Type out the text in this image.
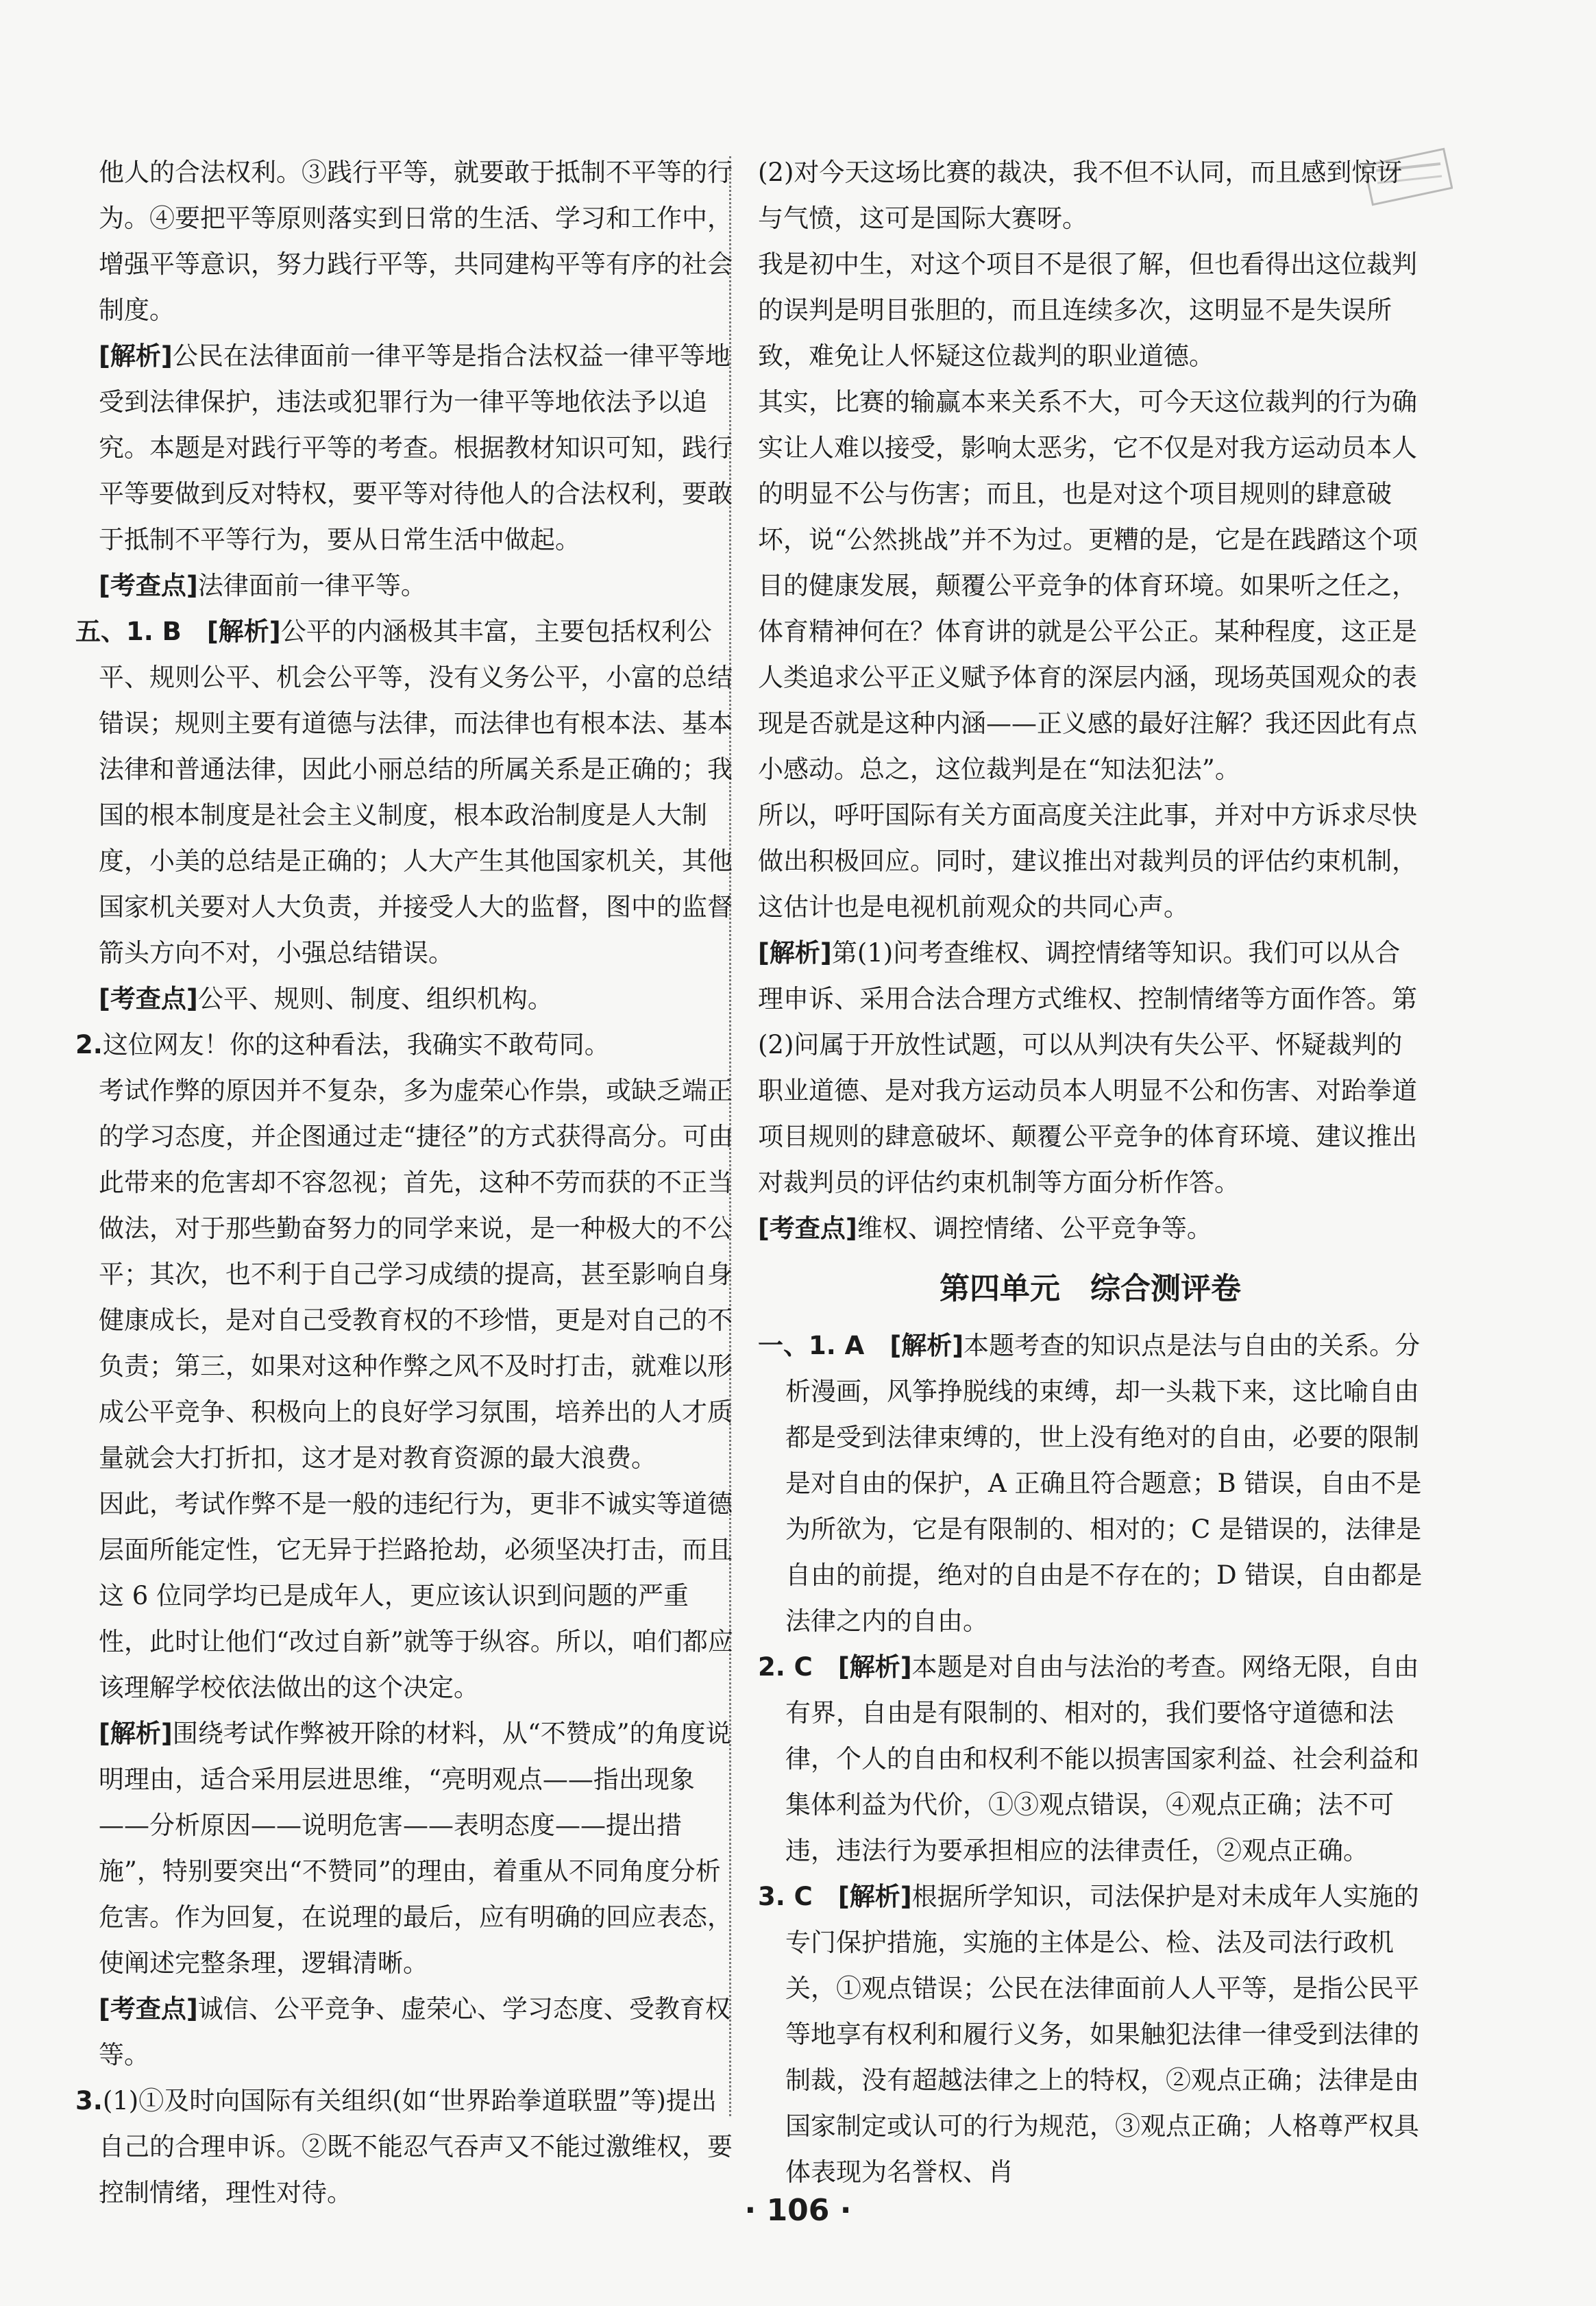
他人的合法权利。③践行平等，就要敢于抵制不平等的行为。④要把平等原则落实到日常的生活、学习和工作中，增强平等意识，努力践行平等，共同建构平等有序的社会制度。

[解析]公民在法律面前一律平等是指合法权益一律平等地受到法律保护，违法或犯罪行为一律平等地依法予以追究。本题是对践行平等的考查。根据教材知识可知，践行平等要做到反对特权，要平等对待他人的合法权利，要敢于抵制不平等行为，要从日常生活中做起。

[考查点]法律面前一律平等。

五、1. B　 [解析]公平的内涵极其丰富，主要包括权利公平、规则公平、机会公平等，没有义务公平，小富的总结错误；规则主要有道德与法律，而法律也有根本法、基本法律和普通法律，因此小丽总结的所属关系是正确的；我国的根本制度是社会主义制度，根本政治制度是人大制度，小美的总结是正确的；人大产生其他国家机关，其他国家机关要对人大负责，并接受人大的监督，图中的监督箭头方向不对，小强总结错误。

[考查点]公平、规则、制度、组织机构。

2.这位网友！你的这种看法，我确实不敢苟同。

考试作弊的原因并不复杂，多为虚荣心作祟，或缺乏端正的学习态度，并企图通过走“捷径”的方式获得高分。可由此带来的危害却不容忽视；首先，这种不劳而获的不正当做法，对于那些勤奋努力的同学来说，是一种极大的不公平；其次，也不利于自己学习成绩的提高，甚至影响自身健康成长，是对自己受教育权的不珍惜，更是对自己的不负责；第三，如果对这种作弊之风不及时打击，就难以形成公平竞争、积极向上的良好学习氛围，培养出的人才质量就会大打折扣，这才是对教育资源的最大浪费。

因此，考试作弊不是一般的违纪行为，更非不诚实等道德层面所能定性，它无异于拦路抢劫，必须坚决打击，而且这 6 位同学均已是成年人，更应该认识到问题的严重性，此时让他们“改过自新”就等于纵容。所以，咱们都应该理解学校依法做出的这个决定。

[解析]围绕考试作弊被开除的材料，从“不赞成”的角度说明理由，适合采用层进思维，“亮明观点——指出现象——分析原因——说明危害——表明态度——提出措施”，特别要突出“不赞同”的理由，着重从不同角度分析危害。作为回复，在说理的最后，应有明确的回应表态，使阐述完整条理，逻辑清晰。

[考查点]诚信、公平竞争、虚荣心、学习态度、受教育权等。

3.(1)①及时向国际有关组织(如“世界跆拳道联盟”等)提出自己的合理申诉。②既不能忍气吞声又不能过激维权，要控制情绪，理性对待。

(2)对今天这场比赛的裁决，我不但不认同，而且感到惊讶与气愤，这可是国际大赛呀。

我是初中生，对这个项目不是很了解，但也看得出这位裁判的误判是明目张胆的，而且连续多次，这明显不是失误所致，难免让人怀疑这位裁判的职业道德。

其实，比赛的输赢本来关系不大，可今天这位裁判的行为确实让人难以接受，影响太恶劣，它不仅是对我方运动员本人的明显不公与伤害；而且，也是对这个项目规则的肆意破坏，说“公然挑战”并不为过。更糟的是，它是在践踏这个项目的健康发展，颠覆公平竞争的体育环境。如果听之任之，体育精神何在？体育讲的就是公平公正。某种程度，这正是人类追求公平正义赋予体育的深层内涵，现场英国观众的表现是否就是这种内涵——正义感的最好注解？我还因此有点小感动。总之，这位裁判是在“知法犯法”。

所以，呼吁国际有关方面高度关注此事，并对中方诉求尽快做出积极回应。同时，建议推出对裁判员的评估约束机制，这估计也是电视机前观众的共同心声。

[解析]第(1)问考查维权、调控情绪等知识。我们可以从合理申诉、采用合法合理方式维权、控制情绪等方面作答。第(2)问属于开放性试题，可以从判决有失公平、怀疑裁判的职业道德、是对我方运动员本人明显不公和伤害、对跆拳道项目规则的肆意破坏、颠覆公平竞争的体育环境、建议推出对裁判员的评估约束机制等方面分析作答。

[考查点]维权、调控情绪、公平竞争等。

第四单元　综合测评卷

一、1. A　 [解析]本题考查的知识点是法与自由的关系。分析漫画，风筝挣脱线的束缚，却一头栽下来，这比喻自由都是受到法律束缚的，世上没有绝对的自由，必要的限制是对自由的保护，A 正确且符合题意；B 错误，自由不是为所欲为，它是有限制的、相对的；C 是错误的，法律是自由的前提，绝对的自由是不存在的；D 错误，自由都是法律之内的自由。

2. C　 [解析]本题是对自由与法治的考查。网络无限，自由有界，自由是有限制的、相对的，我们要恪守道德和法律，个人的自由和权利不能以损害国家利益、社会利益和集体利益为代价，①③观点错误，④观点正确；法不可违，违法行为要承担相应的法律责任，②观点正确。

3. C　 [解析]根据所学知识，司法保护是对未成年人实施的专门保护措施，实施的主体是公、检、法及司法行政机关，①观点错误；公民在法律面前人人平等，是指公民平等地享有权利和履行义务，如果触犯法律一律受到法律的制裁，没有超越法律之上的特权，②观点正确；法律是由国家制定或认可的行为规范，③观点正确；人格尊严权具体表现为名誉权、肖

· 106 ·
